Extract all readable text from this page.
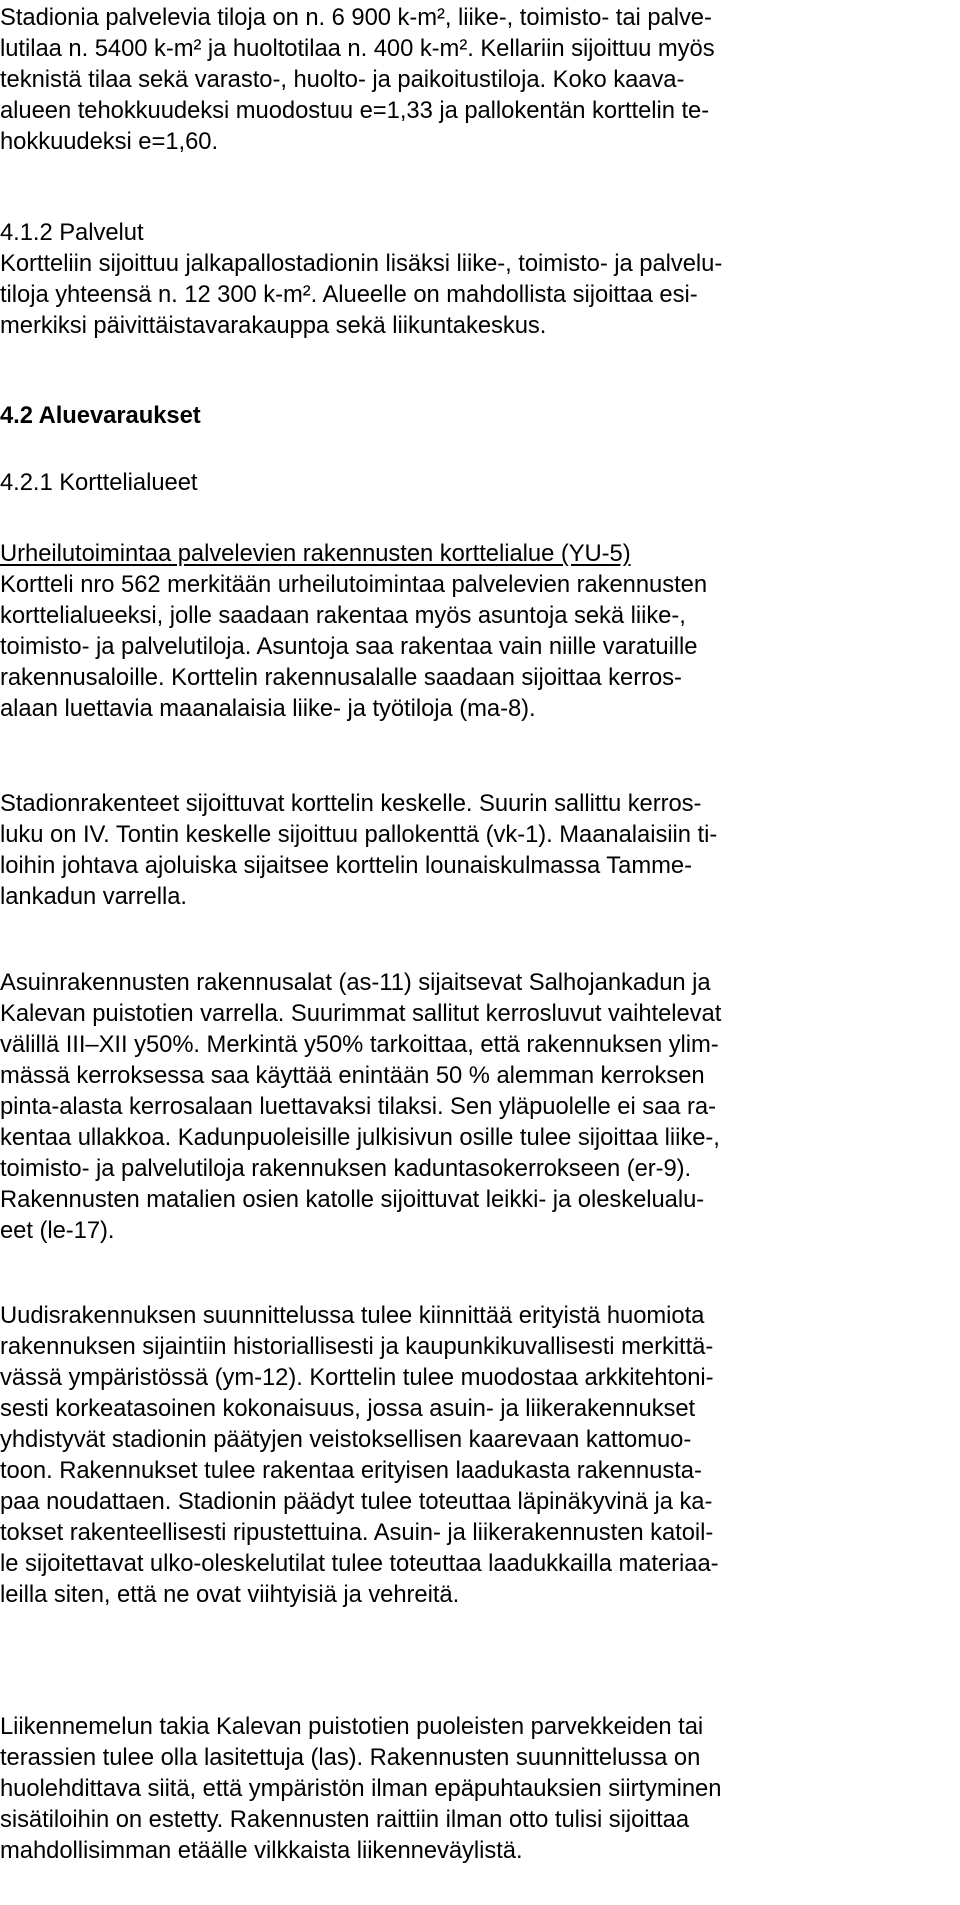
Stadionia palvelevia tiloja on n. 6 900 k-m², liike-, toimisto- tai palve-
lutilaa n. 5400 k-m² ja huoltotilaa n. 400 k-m². Kellariin sijoittuu myös
teknistä tilaa sekä varasto-, huolto- ja paikoitustiloja. Koko kaava-
alueen tehokkuudeksi muodostuu e=1,33 ja pallokentän korttelin te-
hokkuudeksi e=1,60.
4.1.2 Palvelut
Kortteliin sijoittuu jalkapallostadionin lisäksi liike-, toimisto- ja palvelu-
tiloja yhteensä n. 12 300 k-m². Alueelle on mahdollista sijoittaa esi-
merkiksi päivittäistavarakauppa sekä liikuntakeskus.
4.2 Aluevaraukset
4.2.1 Korttelialueet
Urheilutoimintaa palvelevien rakennusten korttelialue (YU-5)
Kortteli nro 562 merkitään urheilutoimintaa palvelevien rakennusten
korttelialueeksi, jolle saadaan rakentaa myös asuntoja sekä liike-,
toimisto- ja palvelutiloja. Asuntoja saa rakentaa vain niille varatuille
rakennusaloille. Korttelin rakennusalalle saadaan sijoittaa kerros-
alaan luettavia maanalaisia liike- ja työtiloja (ma-8).
Stadionrakenteet sijoittuvat korttelin keskelle. Suurin sallittu kerros-
luku on IV. Tontin keskelle sijoittuu pallokenttä (vk-1). Maanalaisiin ti-
loihin johtava ajoluiska sijaitsee korttelin lounaiskulmassa Tamme-
lankadun varrella.
Asuinrakennusten rakennusalat (as-11) sijaitsevat Salhojankadun ja
Kalevan puistotien varrella. Suurimmat sallitut kerrosluvut vaihtelevat
välillä III–XII y50%. Merkintä y50% tarkoittaa, että rakennuksen ylim-
mässä kerroksessa saa käyttää enintään 50 % alemman kerroksen
pinta-alasta kerrosalaan luettavaksi tilaksi. Sen yläpuolelle ei saa ra-
kentaa ullakkoa. Kadunpuoleisille julkisivun osille tulee sijoittaa liike-,
toimisto- ja palvelutiloja rakennuksen kaduntasokerrokseen (er-9).
Rakennusten matalien osien katolle sijoittuvat leikki- ja oleskelualu-
eet (le-17).
Uudisrakennuksen suunnittelussa tulee kiinnittää erityistä huomiota
rakennuksen sijaintiin historiallisesti ja kaupunkikuvallisesti merkittä-
vässä ympäristössä (ym-12). Korttelin tulee muodostaa arkkitehtoni-
sesti korkeatasoinen kokonaisuus, jossa asuin- ja liikerakennukset
yhdistyvät stadionin päätyjen veistoksellisen kaarevaan kattomuo-
toon. Rakennukset tulee rakentaa erityisen laadukasta rakennusta-
paa noudattaen. Stadionin päädyt tulee toteuttaa läpinäkyvinä ja ka-
tokset rakenteellisesti ripustettuina. Asuin- ja liikerakennusten katoil-
le sijoitettavat ulko-oleskelutilat tulee toteuttaa laadukkailla materiaa-
leilla siten, että ne ovat viihtyisiä ja vehreitä.
Liikennemelun takia Kalevan puistotien puoleisten parvekkeiden tai
terassien tulee olla lasitettuja (las). Rakennusten suunnittelussa on
huolehdittava siitä, että ympäristön ilman epäpuhtauksien siirtyminen
sisätiloihin on estetty. Rakennusten raittiin ilman otto tulisi sijoittaa
mahdollisimman etäälle vilkkaista liikenneväylistä.
